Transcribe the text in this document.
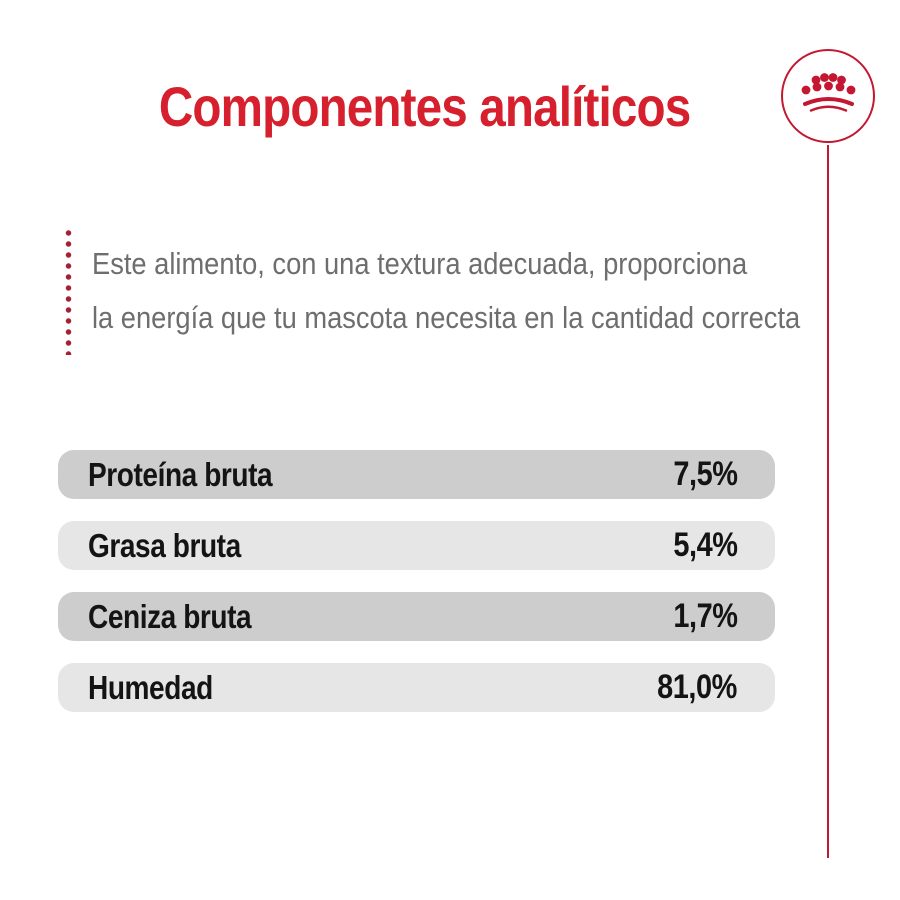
Componentes analíticos
Este alimento, con una textura adecuada, proporciona
la energía que tu mascota necesita en la cantidad correcta
Proteína bruta	7,5%
Grasa bruta	5,4%
Ceniza bruta	1,7%
Humedad	81,0%
